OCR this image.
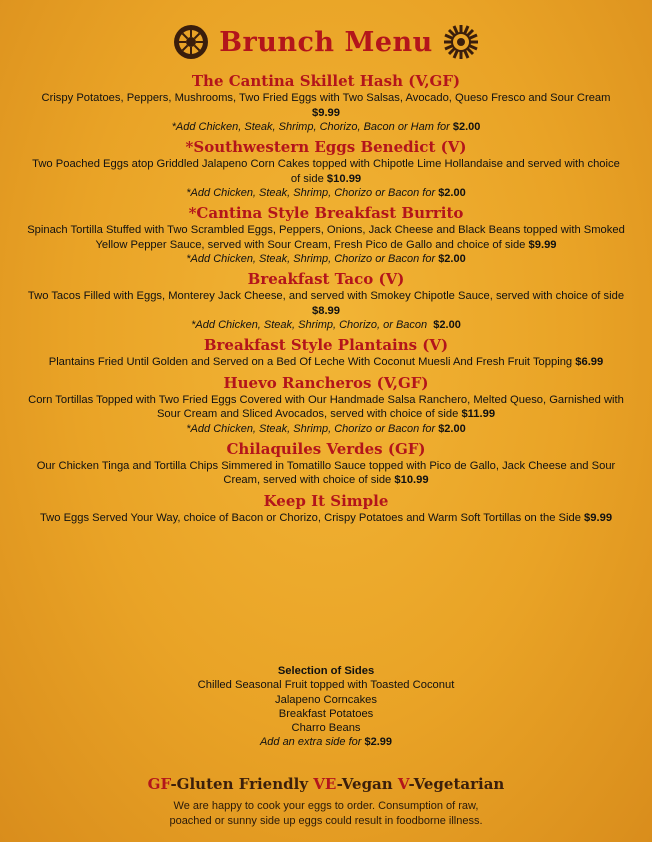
Brunch Menu
The Cantina Skillet Hash (V,GF)
Crispy Potatoes, Peppers, Mushrooms, Two Fried Eggs with Two Salsas, Avocado, Queso Fresco and Sour Cream $9.99
*Add Chicken, Steak, Shrimp, Chorizo, Bacon or Ham for $2.00
*Southwestern Eggs Benedict (V)
Two Poached Eggs atop Griddled Jalapeno Corn Cakes topped with Chipotle Lime Hollandaise and served with choice of side $10.99
*Add Chicken, Steak, Shrimp, Chorizo or Bacon for $2.00
*Cantina Style Breakfast Burrito
Spinach Tortilla Stuffed with Two Scrambled Eggs, Peppers, Onions, Jack Cheese and Black Beans topped with Smoked Yellow Pepper Sauce, served with Sour Cream, Fresh Pico de Gallo and choice of side $9.99
*Add Chicken, Steak, Shrimp, Chorizo or Bacon for $2.00
Breakfast Taco (V)
Two Tacos Filled with Eggs, Monterey Jack Cheese, and served with Smokey Chipotle Sauce, served with choice of side $8.99
*Add Chicken, Steak, Shrimp, Chorizo, or Bacon $2.00
Breakfast Style Plantains (V)
Plantains Fried Until Golden and Served on a Bed Of Leche With Coconut Muesli And Fresh Fruit Topping $6.99
Huevo Rancheros (V,GF)
Corn Tortillas Topped with Two Fried Eggs Covered with Our Handmade Salsa Ranchero, Melted Queso, Garnished with Sour Cream and Sliced Avocados, served with choice of side $11.99
*Add Chicken, Steak, Shrimp, Chorizo or Bacon for $2.00
Chilaquiles Verdes (GF)
Our Chicken Tinga and Tortilla Chips Simmered in Tomatillo Sauce topped with Pico de Gallo, Jack Cheese and Sour Cream, served with choice of side $10.99
Keep It Simple
Two Eggs Served Your Way, choice of Bacon or Chorizo, Crispy Potatoes and Warm Soft Tortillas on the Side $9.99
Selection of Sides
Chilled Seasonal Fruit topped with Toasted Coconut
Jalapeno Corncakes
Breakfast Potatoes
Charro Beans
Add an extra side for $2.99
GF-Gluten Friendly VE-Vegan V-Vegetarian
We are happy to cook your eggs to order. Consumption of raw,
poached or sunny side up eggs could result in foodborne illness.
